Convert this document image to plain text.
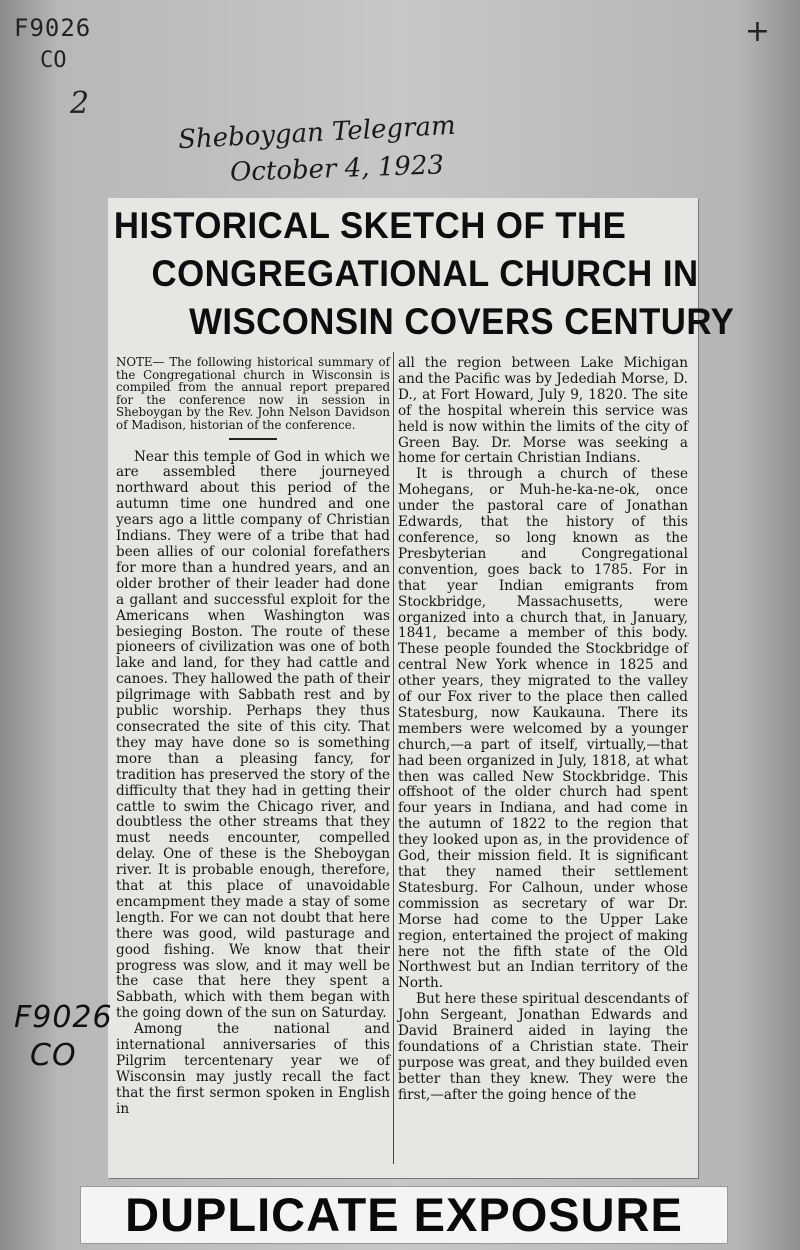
F9026
CO
2
+
Sheboygan Telegram
October 4, 1923
HISTORICAL SKETCH OF THE
CONGREGATIONAL CHURCH IN
WISCONSIN COVERS CENTURY

NOTE— The following historical summary of the Congregational church in Wisconsin is compiled from the annual report prepared for the conference now in session in Sheboygan by the Rev. John Nelson Davidson of Madison, historian of the conference.

Near this temple of God in which we are assembled there journeyed northward about this period of the autumn time one hundred and one years ago a little company of Christian Indians. They were of a tribe that had been allies of our colonial forefathers for more than a hundred years, and an older brother of their leader had done a gallant and successful exploit for the Americans when Washington was besieging Boston. The route of these pioneers of civilization was one of both lake and land, for they had cattle and canoes. They hallowed the path of their pilgrimage with Sabbath rest and by public worship. Perhaps they thus consecrated the site of this city. That they may have done so is something more than a pleasing fancy, for tradition has preserved the story of the difficulty that they had in getting their cattle to swim the Chicago river, and doubtless the other streams that they must needs encounter, compelled delay. One of these is the Sheboygan river. It is probable enough, therefore, that at this place of unavoidable encampment they made a stay of some length. For we can not doubt that here there was good, wild pasturage and good fishing. We know that their progress was slow, and it may well be the case that here they spent a Sabbath, which with them began with the going down of the sun on Saturday.

Among the national and international anniversaries of this Pilgrim tercentenary year we of Wisconsin may justly recall the fact that the first sermon spoken in English in

all the region between Lake Michigan and the Pacific was by Jedediah Morse, D. D., at Fort Howard, July 9, 1820. The site of the hospital wherein this service was held is now within the limits of the city of Green Bay. Dr. Morse was seeking a home for certain Christian Indians.

It is through a church of these Mohegans, or Muh-he-ka-ne-ok, once under the pastoral care of Jonathan Edwards, that the history of this conference, so long known as the Presbyterian and Congregational convention, goes back to 1785. For in that year Indian emigrants from Stockbridge, Massachusetts, were organized into a church that, in January, 1841, became a member of this body. These people founded the Stockbridge of central New York whence in 1825 and other years, they migrated to the valley of our Fox river to the place then called Statesburg, now Kaukauna. There its members were welcomed by a younger church,—a part of itself, virtually,—that had been organized in July, 1818, at what then was called New Stockbridge. This offshoot of the older church had spent four years in Indiana, and had come in the autumn of 1822 to the region that they looked upon as, in the providence of God, their mission field. It is significant that they named their settlement Statesburg. For Calhoun, under whose commission as secretary of war Dr. Morse had come to the Upper Lake region, entertained the project of making here not the fifth state of the Old Northwest but an Indian territory of the North.

But here these spiritual descendants of John Sergeant, Jonathan Edwards and David Brainerd aided in laying the foundations of a Christian state. Their purpose was great, and they builded even better than they knew. They were the first,—after the going hence of the

F9026
CO
DUPLICATE EXPOSURE
